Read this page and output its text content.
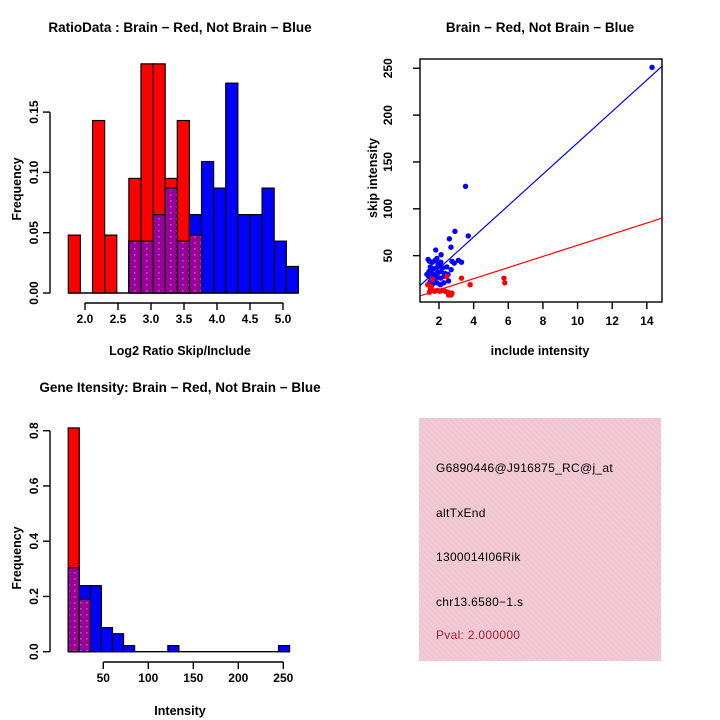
2.0 2.5 3.0 3.5 4.0 4.5 5.0
0.00
0.05
0.10
0.15
RatioData : Brain − Red, Not Brain − Blue
Frequency
Log2 Ratio Skip/Include
2 4 6 8 10 12 14
50
100
150
200
250
Brain − Red, Not Brain − Blue
skip intensity
include intensity
50 100 150 200 250
0.0
0.2
0.4
0.6
0.8
Gene Itensity: Brain − Red, Not Brain − Blue
Frequency
Intensity
G6890446@J916875_RC@j_at
altTxEnd
1300014I06Rik
chr13.6580−1.s
Pval: 2.000000
